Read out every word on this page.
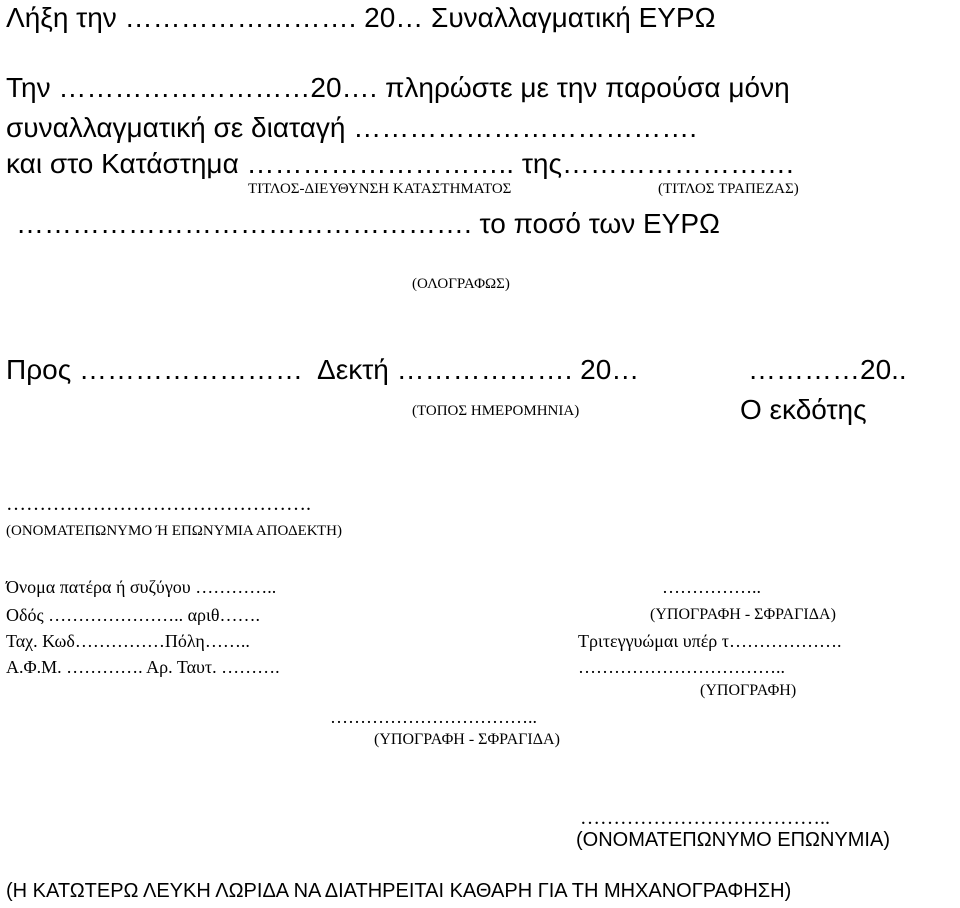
Λήξη την ……………………. 20… Συναλλαγματική ΕΥΡΩ
Την ………………………20…. πληρώστε με την παρούσα μόνη
συναλλαγματική σε διαταγή ……………………………….
και στο Κατάστημα ……………………….. της…………………….
ΤΙΤΛΟΣ-ΔΙΕΥΘΥΝΣΗ ΚΑΤΑΣΤΗΜΑΤΟΣ	(ΤΙΤΛΟΣ ΤΡΑΠΕΖΑΣ)
…………………………………………. το ποσό των ΕΥΡΩ
(ΟΛΟΓΡΑΦΩΣ)
Προς ……………………  Δεκτή ………………. 20…	…………20..
(ΤΟΠΟΣ ΗΜΕΡΟΜΗΝΙΑ)	Ο εκδότης
……………………………………….
(ΟΝΟΜΑΤΕΠΩΝΥΜΟ Ή ΕΠΩΝΥΜΙΑ ΑΠΟΔΕΚΤΗ)
Όνομα πατέρα ή συζύγου …………..
Οδός ………………….. αριθ…….
Ταχ. Κωδ……………Πόλη……..
Α.Φ.Μ. …………. Αρ. Ταυτ. ……….
……………………………..
(ΥΠΟΓΡΑΦΗ - ΣΦΡΑΓΙΔΑ)
……………..
(ΥΠΟΓΡΑΦΗ - ΣΦΡΑΓΙΔΑ)
Τριτεγγυώμαι υπέρ τ……………….
……………………………..
(ΥΠΟΓΡΑΦΗ)
………………………………..
(ΟΝΟΜΑΤΕΠΩΝΥΜΟ ΕΠΩΝΥΜΙΑ)
(Η ΚΑΤΩΤΕΡΩ ΛΕΥΚΗ ΛΩΡΙΔΑ ΝΑ ΔΙΑΤΗΡΕΙΤΑΙ ΚΑΘΑΡΗ ΓΙΑ ΤΗ ΜΗΧΑΝΟΓΡΑΦΗΣΗ)
